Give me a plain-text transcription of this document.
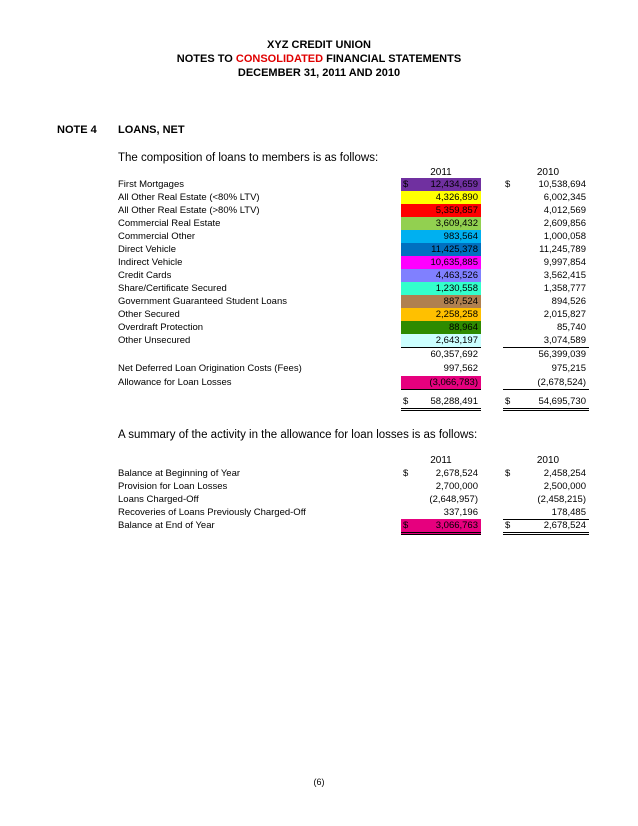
XYZ CREDIT UNION
NOTES TO CONSOLIDATED FINANCIAL STATEMENTS
DECEMBER 31, 2011 AND 2010
NOTE 4 LOANS, NET
The composition of loans to members is as follows:
2011	2010
First Mortgages	$ 12,434,659	$	10,538,694
All Other Real Estate (<80% LTV)	4,326,890	6,002,345
All Other Real Estate (>80% LTV)	5,359,857	4,012,569
Commercial Real Estate	3,609,432	2,609,856
Commercial Other	983,564	1,000,058
Direct Vehicle	11,425,378	11,245,789
Indirect Vehicle	10,635,885	9,997,854
Credit Cards	4,463,526	3,562,415
Share/Certificate Secured	1,230,558	1,358,777
Government Guaranteed Student Loans	887,524	894,526
Other Secured	2,258,258	2,015,827
Overdraft Protection	88,964	85,740
Other Unsecured	2,643,197	3,074,589
60,357,692	56,399,039
Net Deferred Loan Origination Costs (Fees)	997,562	975,215
Allowance for Loan Losses	(3,066,783)	(2,678,524)
$ 58,288,491	$	54,695,730
A summary of the activity in the allowance for loan losses is as follows:
2011	2010
Balance at Beginning of Year	$	2,678,524	$	2,458,254
Provision for Loan Losses	2,700,000	2,500,000
Loans Charged-Off	(2,648,957)	(2,458,215)
Recoveries of Loans Previously Charged-Off	337,196	178,485
Balance at End of Year	$	3,066,763	$	2,678,524
(6)
